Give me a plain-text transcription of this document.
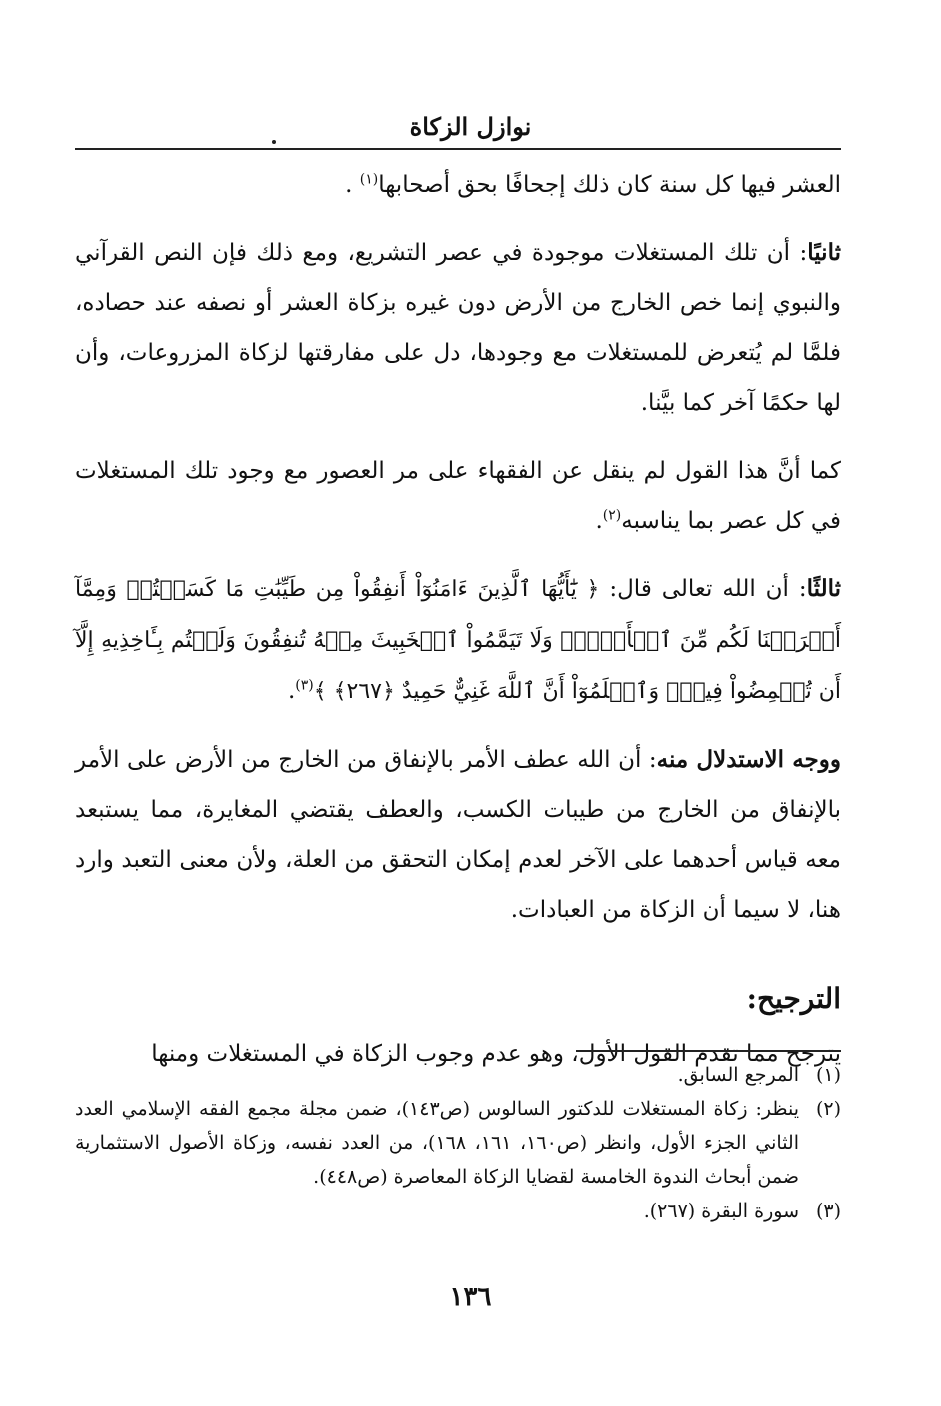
نوازل الزكاة

العشر فيها كل سنة كان ذلك إجحافًا بحق أصحابها$^{(١)}$ .

ثانيًا: أن تلك المستغلات موجودة في عصر التشريع، ومع ذلك فإن النص القرآني والنبوي إنما خص الخارج من الأرض دون غيره بزكاة العشر أو نصفه عند حصاده، فلمَّا لم يُتعرض للمستغلات مع وجودها، دل على مفارقتها لزكاة المزروعات، وأن لها حكمًا آخر كما بيَّنا.

كما أنَّ هذا القول لم ينقل عن الفقهاء على مر العصور مع وجود تلك المستغلات في كل عصر بما يناسبه$^{(٢)}$.

ثالثًا: أن الله تعالى قال: ﴿ يَٰٓأَيُّهَا ٱلَّذِينَ ءَامَنُوٓاْ أَنفِقُواْ مِن طَيِّبَٰتِ مَا كَسَبۡتُمۡ وَمِمَّآ أَخۡرَجۡنَا لَكُم مِّنَ ٱلۡأَرۡضِۖ وَلَا تَيَمَّمُواْ ٱلۡخَبِيثَ مِنۡهُ تُنفِقُونَ وَلَسۡتُم بِـَٔاخِذِيهِ إِلَّآ أَن تُغۡمِضُواْ فِيهِۚ وَٱعۡلَمُوٓاْ أَنَّ ٱللَّهَ غَنِيٌّ حَمِيدٌ ﴿٢٦٧﴾ ﴾$^{(٣)}$.

ووجه الاستدلال منه: أن الله عطف الأمر بالإنفاق من الخارج من الأرض على الأمر بالإنفاق من الخارج من طيبات الكسب، والعطف يقتضي المغايرة، مما يستبعد معه قياس أحدهما على الآخر لعدم إمكان التحقق من العلة، ولأن معنى التعبد وارد هنا، لا سيما أن الزكاة من العبادات.

الترجيح:

يترجح مما تقدم القول الأول، وهو عدم وجوب الزكاة في المستغلات ومنها

(١)
المرجع السابق.

(٢)
ينظر: زكاة المستغلات للدكتور السالوس (ص١٤٣)، ضمن مجلة مجمع الفقه الإسلامي العدد الثاني الجزء الأول، وانظر (ص١٦٠، ١٦١، ١٦٨)، من العدد نفسه، وزكاة الأصول الاستثمارية ضمن أبحاث الندوة الخامسة لقضايا الزكاة المعاصرة (ص٤٤٨).

(٣)
سورة البقرة (٢٦٧).

١٣٦
